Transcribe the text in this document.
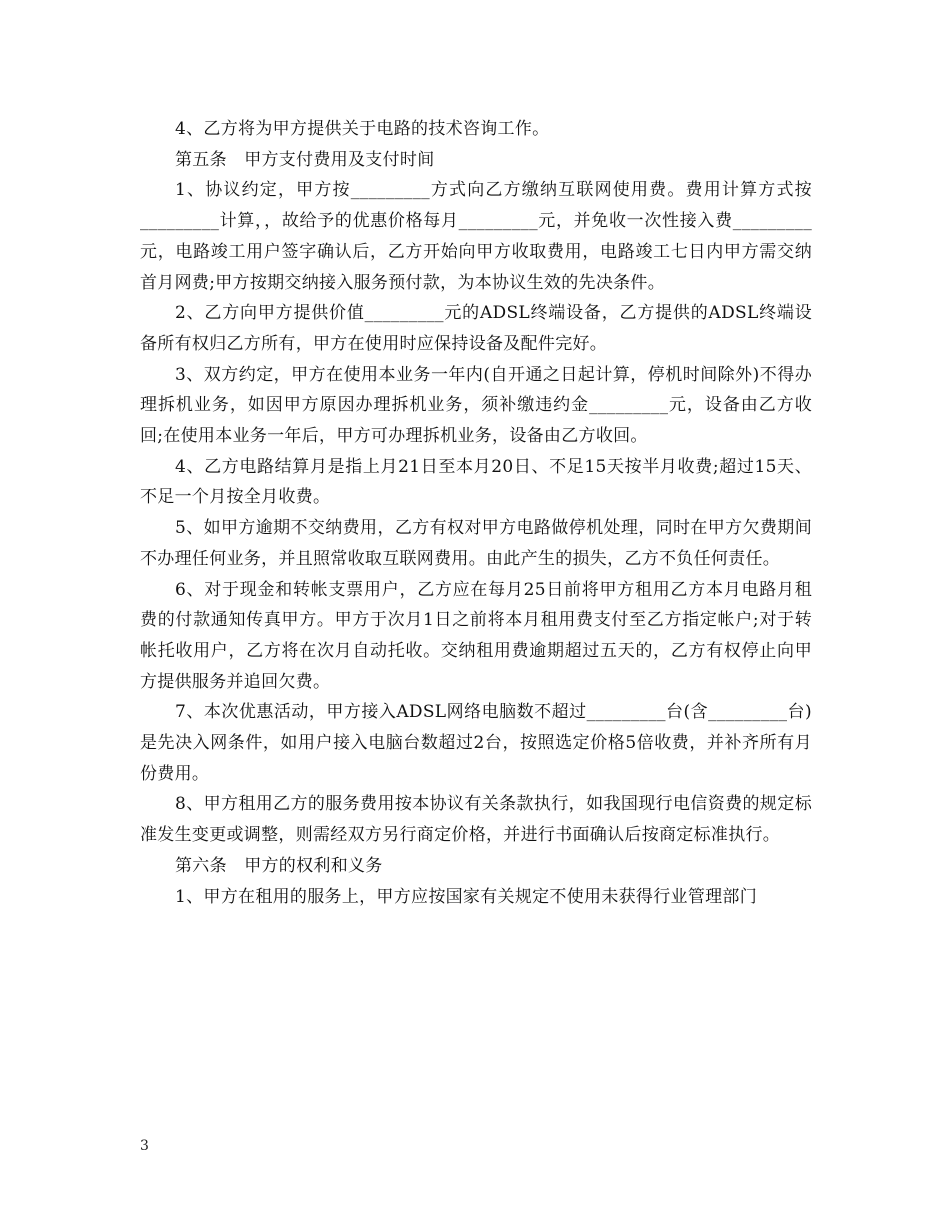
4、乙方将为甲方提供关于电路的技术咨询工作。

第五条　甲方支付费用及支付时间

1、协议约定，甲方按_________方式向乙方缴纳互联网使用费。费用计算方式按_________计算，，故给予的优惠价格每月_________元，并免收一次性接入费_________元，电路竣工用户签字确认后，乙方开始向甲方收取费用，电路竣工七日内甲方需交纳首月网费;甲方按期交纳接入服务预付款，为本协议生效的先决条件。

2、乙方向甲方提供价值_________元的ADSL终端设备，乙方提供的ADSL终端设备所有权归乙方所有，甲方在使用时应保持设备及配件完好。

3、双方约定，甲方在使用本业务一年内(自开通之日起计算，停机时间除外)不得办理拆机业务，如因甲方原因办理拆机业务，须补缴违约金_________元，设备由乙方收回;在使用本业务一年后，甲方可办理拆机业务，设备由乙方收回。

4、乙方电路结算月是指上月21日至本月20日、不足15天按半月收费;超过15天、不足一个月按全月收费。

5、如甲方逾期不交纳费用，乙方有权对甲方电路做停机处理，同时在甲方欠费期间不办理任何业务，并且照常收取互联网费用。由此产生的损失，乙方不负任何责任。

6、对于现金和转帐支票用户，乙方应在每月25日前将甲方租用乙方本月电路月租费的付款通知传真甲方。甲方于次月1日之前将本月租用费支付至乙方指定帐户;对于转帐托收用户，乙方将在次月自动托收。交纳租用费逾期超过五天的，乙方有权停止向甲方提供服务并追回欠费。

7、本次优惠活动，甲方接入ADSL网络电脑数不超过_________台(含_________台)是先决入网条件，如用户接入电脑台数超过2台，按照选定价格5倍收费，并补齐所有月份费用。

8、甲方租用乙方的服务费用按本协议有关条款执行，如我国现行电信资费的规定标准发生变更或调整，则需经双方另行商定价格，并进行书面确认后按商定标准执行。

第六条　甲方的权利和义务

1、甲方在租用的服务上，甲方应按国家有关规定不使用未获得行业管理部门

3
